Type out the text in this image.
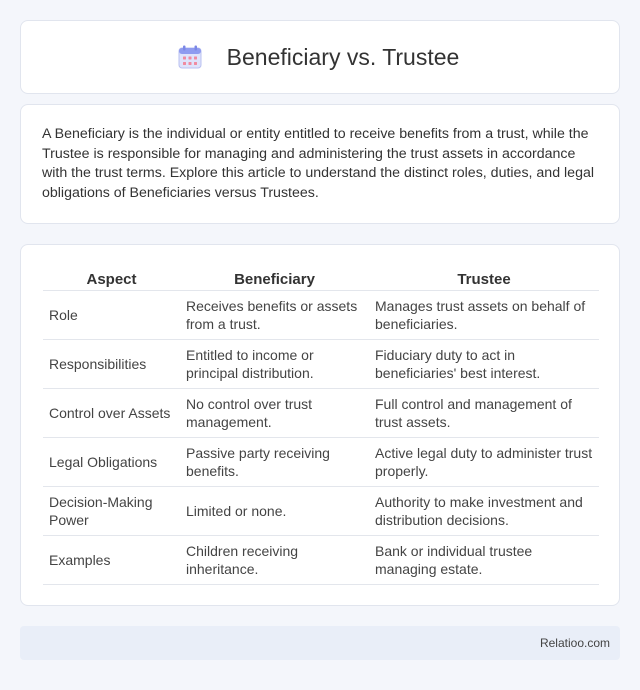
Beneficiary vs. Trustee

A Beneficiary is the individual or entity entitled to receive benefits from a trust, while the Trustee is responsible for managing and administering the trust assets in accordance with the trust terms. Explore this article to understand the distinct roles, duties, and legal obligations of Beneficiaries versus Trustees.

Aspect	Beneficiary	Trustee
Role	Receives benefits or assets from a trust.	Manages trust assets on behalf of beneficiaries.
Responsibilities	Entitled to income or principal distribution.	Fiduciary duty to act in beneficiaries' best interest.
Control over Assets	No control over trust management.	Full control and management of trust assets.
Legal Obligations	Passive party receiving benefits.	Active legal duty to administer trust properly.
Decision-Making Power	Limited or none.	Authority to make investment and distribution decisions.
Examples	Children receiving inheritance.	Bank or individual trustee managing estate.
Relatioo.com
